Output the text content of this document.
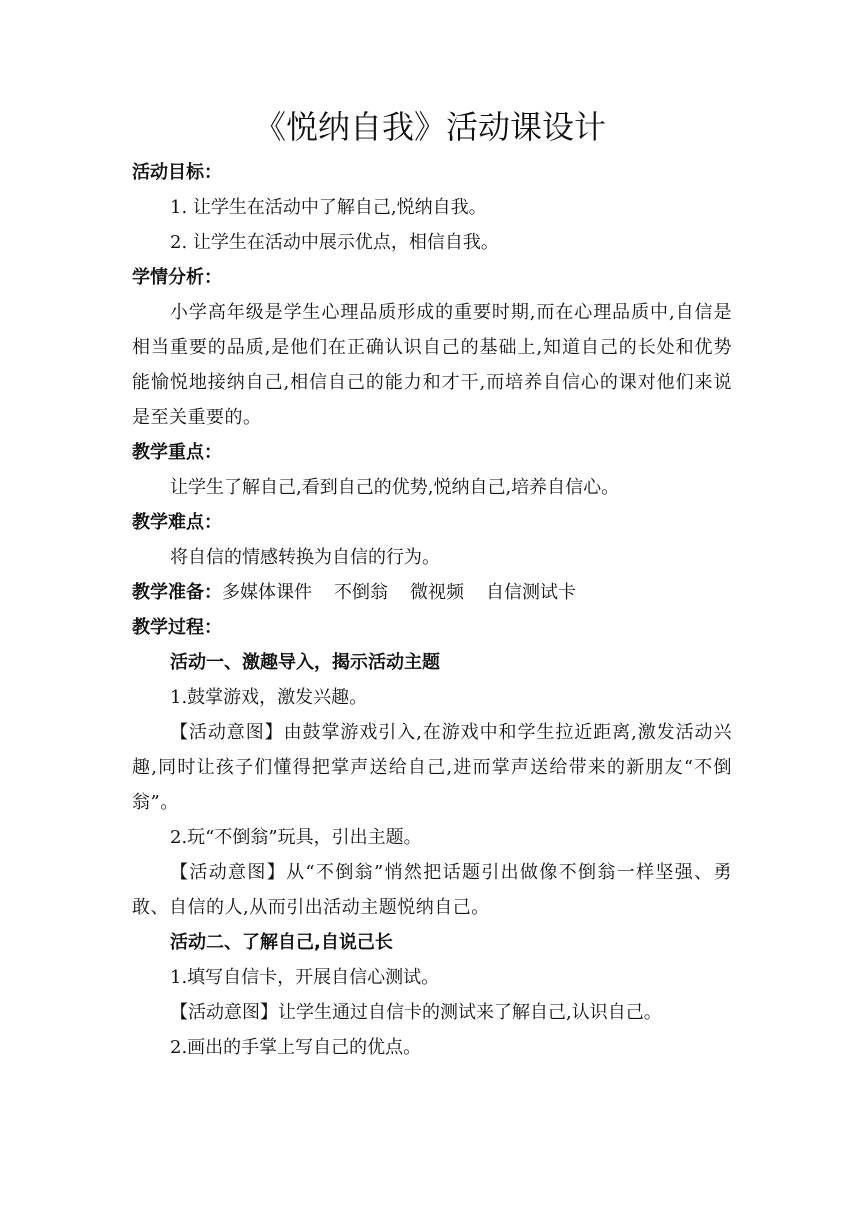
《悦纳自我》活动课设计
活动目标：
1. 让学生在活动中了解自己,悦纳自我。
2. 让学生在活动中展示优点，相信自我。
学情分析：
小学高年级是学生心理品质形成的重要时期,而在心理品质中,自信是相当重要的品质,是他们在正确认识自己的基础上,知道自己的长处和优势能愉悦地接纳自己,相信自己的能力和才干,而培养自信心的课对他们来说是至关重要的。
教学重点：
让学生了解自己,看到自己的优势,悦纳自己,培养自信心。
教学难点：
将自信的情感转换为自信的行为。
教学准备：多媒体课件 不倒翁 微视频 自信测试卡
教学过程：
活动一、激趣导入，揭示活动主题
1.鼓掌游戏，激发兴趣。
【活动意图】由鼓掌游戏引入,在游戏中和学生拉近距离,激发活动兴趣,同时让孩子们懂得把掌声送给自己,进而掌声送给带来的新朋友“不倒翁”。
2.玩“不倒翁”玩具，引出主题。
【活动意图】从“不倒翁”悄然把话题引出做像不倒翁一样坚强、勇敢、自信的人,从而引出活动主题悦纳自己。
活动二、了解自己,自说己长
1.填写自信卡，开展自信心测试。
【活动意图】让学生通过自信卡的测试来了解自己,认识自己。
2.画出的手掌上写自己的优点。
